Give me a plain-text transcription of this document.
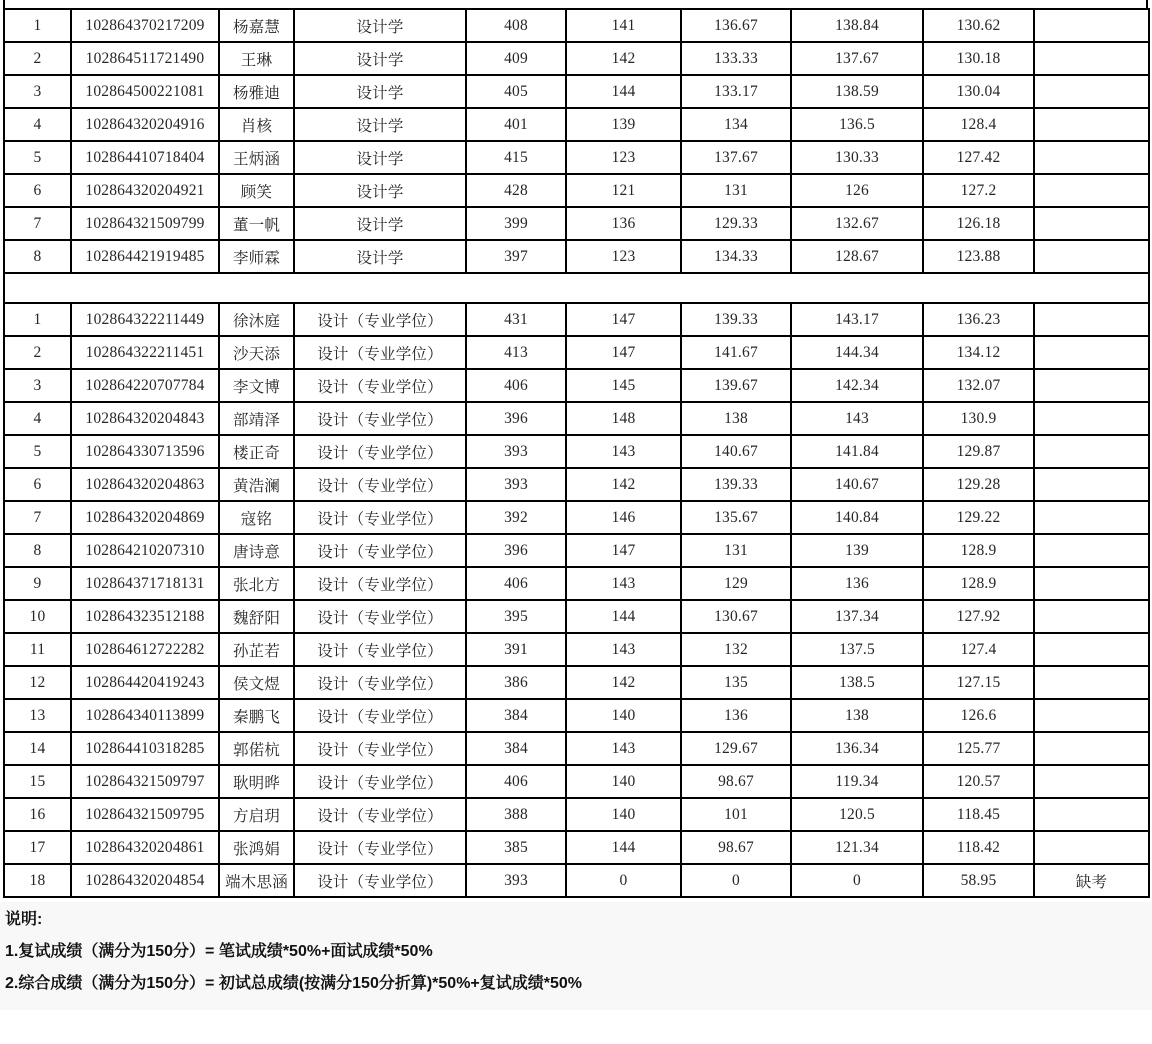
1	102864370217209	杨嘉慧	设计学	408	141	136.67	138.84	130.62	
2	102864511721490	王琳	设计学	409	142	133.33	137.67	130.18	
3	102864500221081	杨雅迪	设计学	405	144	133.17	138.59	130.04	
4	102864320204916	肖核	设计学	401	139	134	136.5	128.4	
5	102864410718404	王炳涵	设计学	415	123	137.67	130.33	127.42	
6	102864320204921	顾笑	设计学	428	121	131	126	127.2	
7	102864321509799	董一帆	设计学	399	136	129.33	132.67	126.18	
8	102864421919485	李师霖	设计学	397	123	134.33	128.67	123.88	

1	102864322211449	徐沐庭	设计（专业学位）	431	147	139.33	143.17	136.23	
2	102864322211451	沙天添	设计（专业学位）	413	147	141.67	144.34	134.12	
3	102864220707784	李文博	设计（专业学位）	406	145	139.67	142.34	132.07	
4	102864320204843	部靖泽	设计（专业学位）	396	148	138	143	130.9	
5	102864330713596	楼正奇	设计（专业学位）	393	143	140.67	141.84	129.87	
6	102864320204863	黄浩澜	设计（专业学位）	393	142	139.33	140.67	129.28	
7	102864320204869	寇铭	设计（专业学位）	392	146	135.67	140.84	129.22	
8	102864210207310	唐诗意	设计（专业学位）	396	147	131	139	128.9	
9	102864371718131	张北方	设计（专业学位）	406	143	129	136	128.9	
10	102864323512188	魏舒阳	设计（专业学位）	395	144	130.67	137.34	127.92	
11	102864612722282	孙芷若	设计（专业学位）	391	143	132	137.5	127.4	
12	102864420419243	侯文煜	设计（专业学位）	386	142	135	138.5	127.15	
13	102864340113899	秦鹏飞	设计（专业学位）	384	140	136	138	126.6	
14	102864410318285	郭偌杭	设计（专业学位）	384	143	129.67	136.34	125.77	
15	102864321509797	耿明晔	设计（专业学位）	406	140	98.67	119.34	120.57	
16	102864321509795	方启玥	设计（专业学位）	388	140	101	120.5	118.45	
17	102864320204861	张鸿娟	设计（专业学位）	385	144	98.67	121.34	118.42	
18	102864320204854	端木思涵	设计（专业学位）	393	0	0	0	58.95	缺考
说明:
1.复试成绩（满分为150分）= 笔试成绩*50%+面试成绩*50%
2.综合成绩（满分为150分）= 初试总成绩(按满分150分折算)*50%+复试成绩*50%
